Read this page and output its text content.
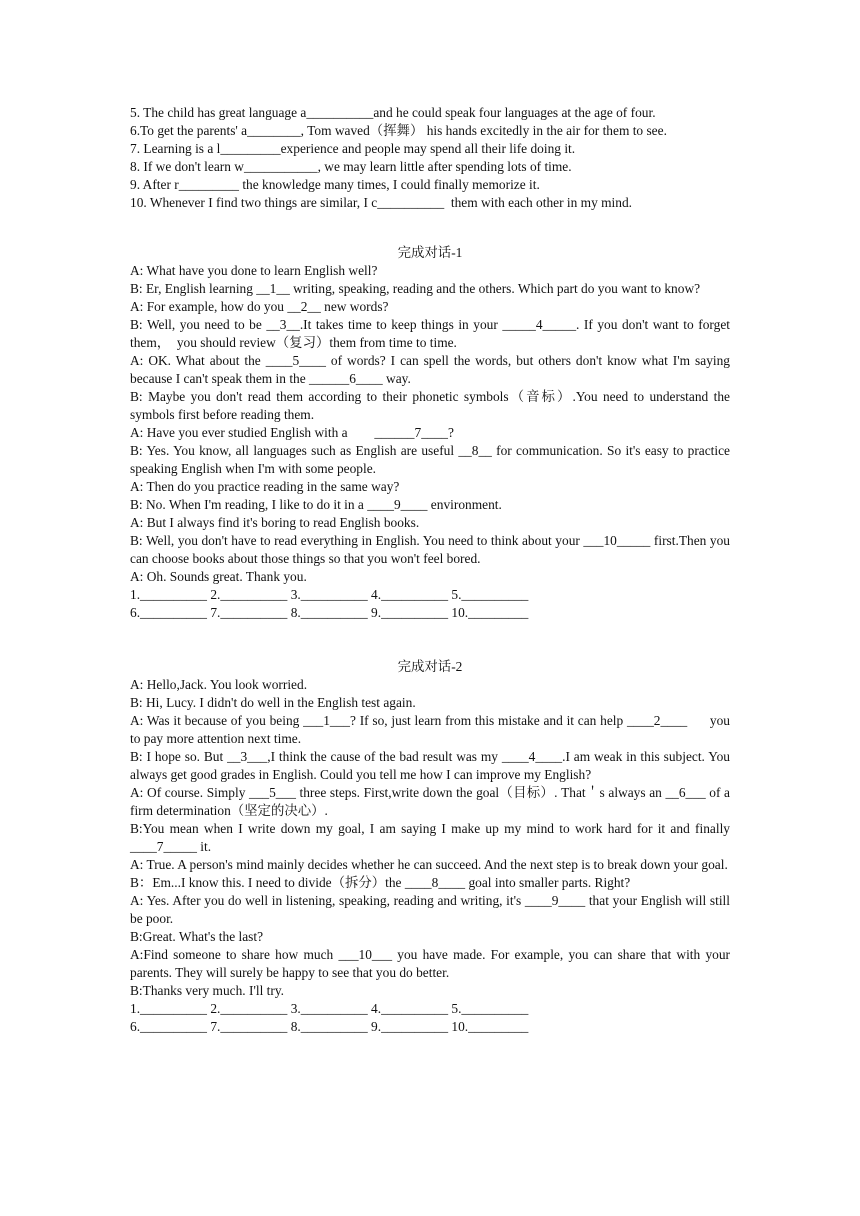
5. The child has great language a__________and he could speak four languages at the age of four.
6.To get the parents' a________, Tom waved（挥舞） his hands excitedly in the air for them to see.
7. Learning is a l_________experience and people may spend all their life doing it.
8. If we don't learn w___________, we may learn little after spending lots of time.
9. After r_________ the knowledge many times, I could finally memorize it.
10. Whenever I find two things are similar, I c__________  them with each other in my mind.
完成对话-1
A: What have you done to learn English well?
B: Er, English learning __1__ writing, speaking, reading and the others. Which part do you want to know?
A: For example, how do you __2__ new words?
B: Well, you need to be __3__.It takes time to keep things in your _____4_____. If you don't want to forget them，  you should review（复习）them from time to time.
A: OK. What about the ____5____ of words? I can spell the words, but others don't know what I'm saying because I can't speak them in the ______6____ way.
B: Maybe you don't read them according to their phonetic symbols（音标）.You need to understand the symbols first before reading them.
A: Have you ever studied English with a        ______7____?
B: Yes. You know, all languages such as English are useful __8__ for communication. So it's easy to practice speaking English when I'm with some people.
A: Then do you practice reading in the same way?
B: No. When I'm reading, I like to do it in a ____9____ environment.
A: But I always find it's boring to read English books.
B: Well, you don't have to read everything in English. You need to think about your ___10_____ first.Then you can choose books about those things so that you won't feel bored.
A: Oh. Sounds great. Thank you.
1.__________ 2.__________ 3.__________ 4.__________ 5.__________
6.__________ 7.__________ 8.__________ 9.__________ 10._________
完成对话-2
A: Hello,Jack. You look worried.
B: Hi, Lucy. I didn't do well in the English test again.
A: Was it because of you being ___1___? If so, just learn from this mistake and it can help ____2____      you to pay more attention next time.
B: I hope so. But __3___,I think the cause of the bad result was my ____4____.I am weak in this subject. You always get good grades in English. Could you tell me how I can improve my English?
A: Of course. Simply ___5___ three steps. First,write down the goal（目标）. That＇s always an __6___ of a firm determination（坚定的决心）.
B:You mean when I write down my goal, I am saying I make up my mind to work hard for it and finally ____7_____ it.
A: True. A person's mind mainly decides whether he can succeed. And the next step is to break down your goal.
B：Em...I know this. I need to divide（拆分）the ____8____ goal into smaller parts. Right?
A: Yes. After you do well in listening, speaking, reading and writing, it's ____9____ that your English will still be poor.
B:Great. What's the last?
A:Find someone to share how much ___10___ you have made. For example, you can share that with your parents. They will surely be happy to see that you do better.
B:Thanks very much. I'll try.
1.__________ 2.__________ 3.__________ 4.__________ 5.__________
6.__________ 7.__________ 8.__________ 9.__________ 10._________
